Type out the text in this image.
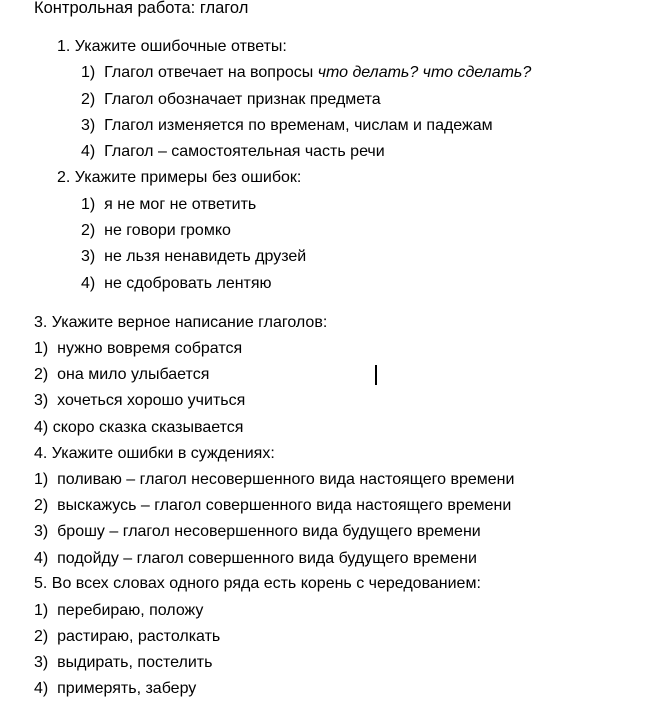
Контрольная работа: глагол
1. Укажите ошибочные ответы:
1) Глагол отвечает на вопросы что делать? что сделать?
2) Глагол обозначает признак предмета
3) Глагол изменяется по временам, числам и падежам
4) Глагол – самостоятельная часть речи
2. Укажите примеры без ошибок:
1) я не мог не ответить
2) не говори громко
3) не льзя ненавидеть друзей
4) не сдобровать лентяю
3. Укажите верное написание глаголов:
1) нужно вовремя собратся
2) она мило улыбается
3) хочеться хорошо учиться
4) скоро сказка сказывается
4. Укажите ошибки в суждениях:
1) поливаю – глагол несовершенного вида настоящего времени
2) выскажусь – глагол совершенного вида настоящего времени
3) брошу – глагол несовершенного вида будущего времени
4) подойду – глагол совершенного вида будущего времени
5. Во всех словах одного ряда есть корень с чередованием:
1) перебираю, положу
2) растираю, растолкать
3)  выдирать, постелить
4)  примерять, заберу
